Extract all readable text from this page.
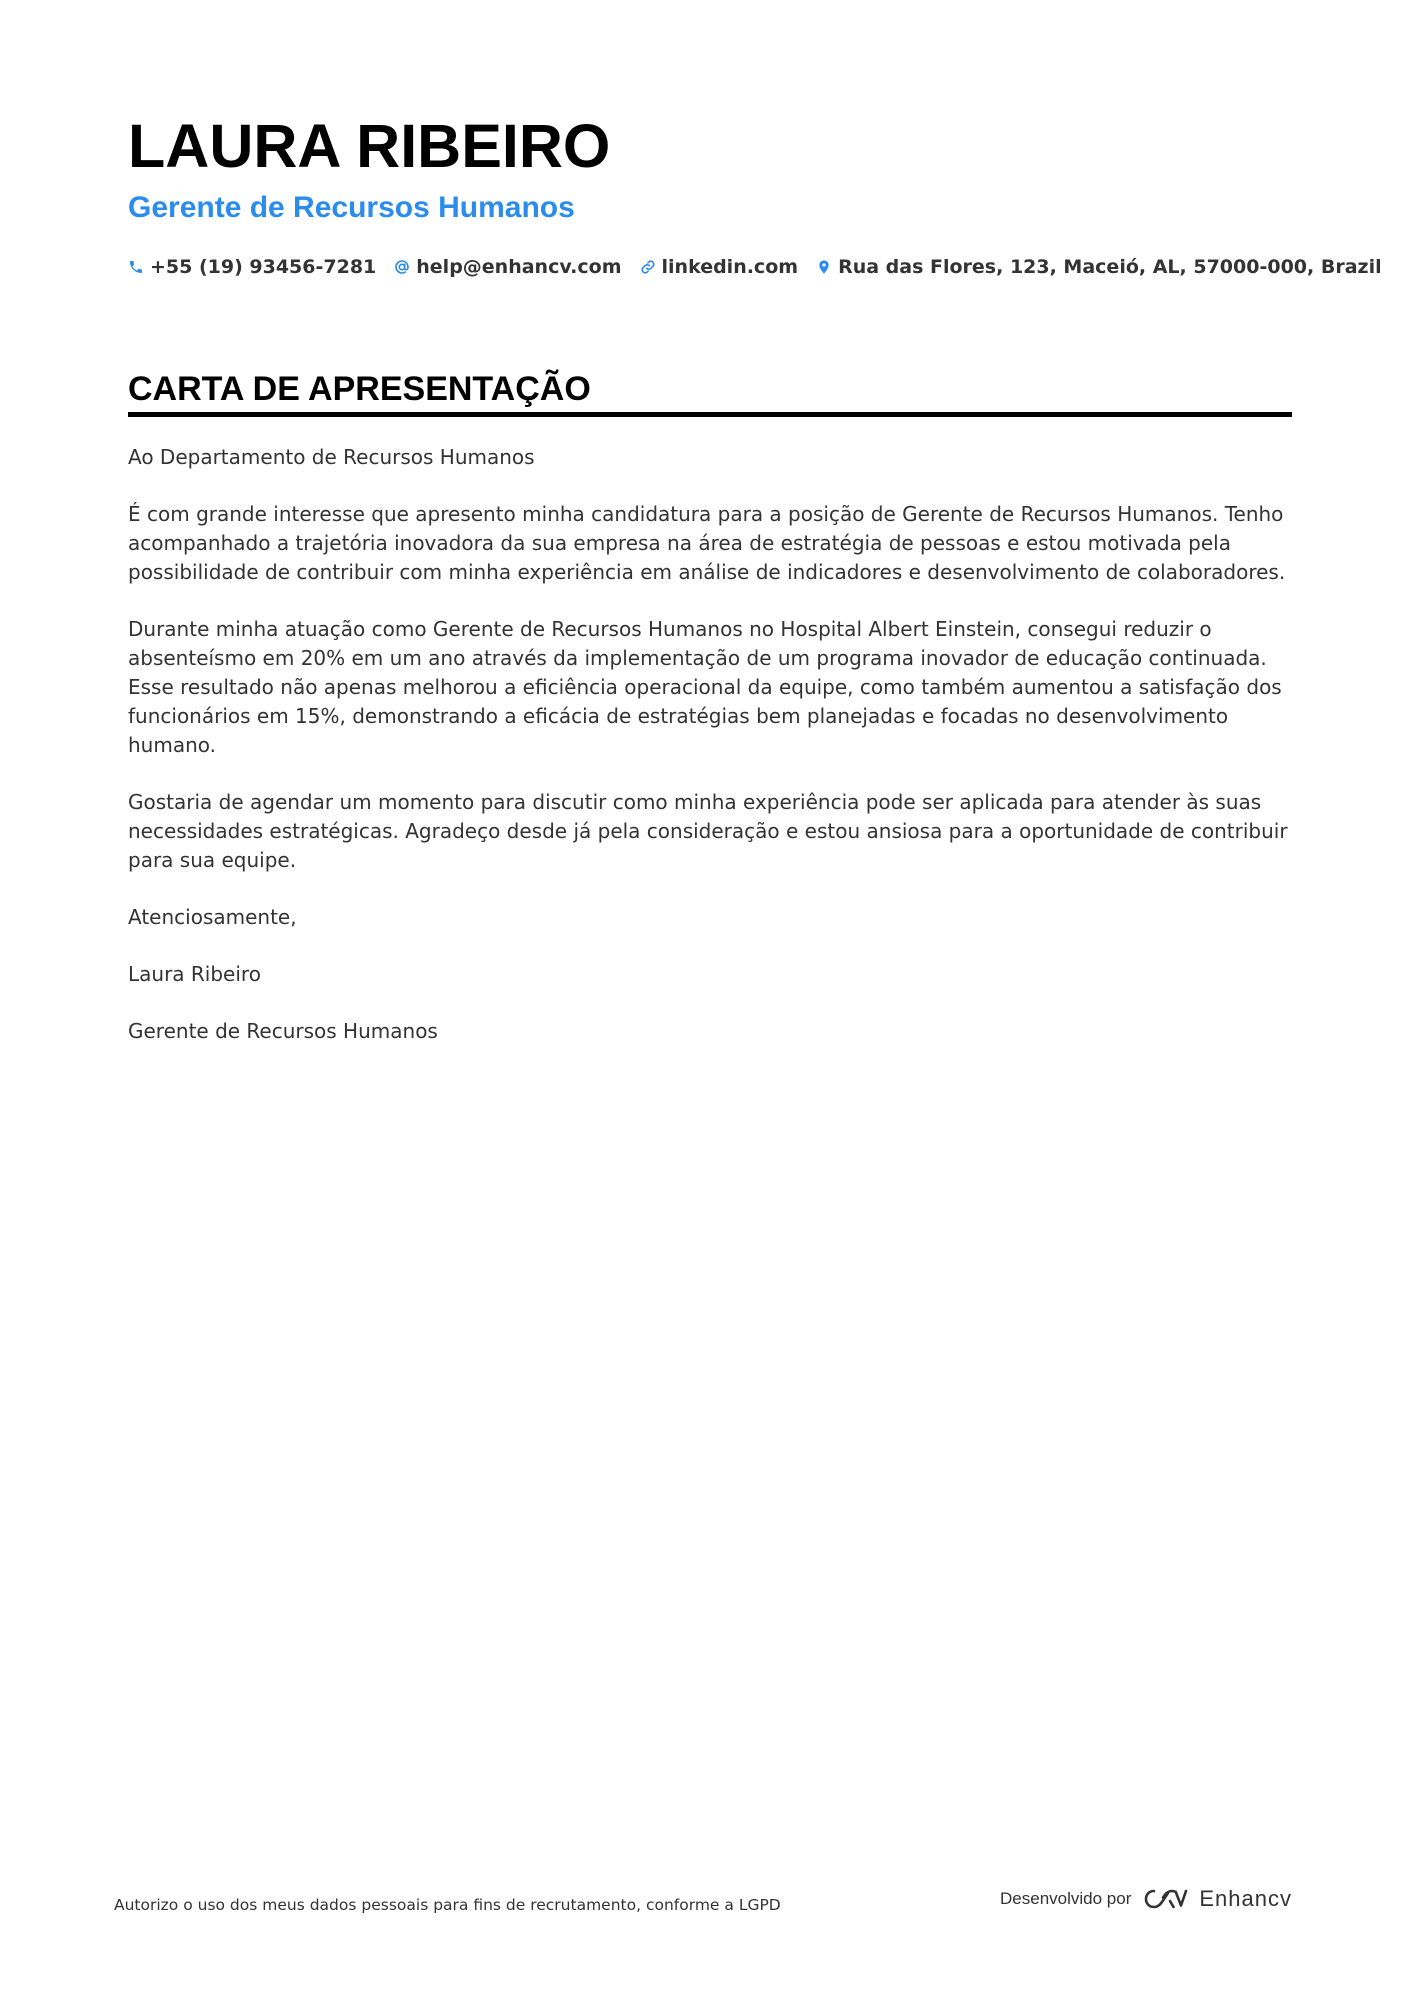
LAURA RIBEIRO
Gerente de Recursos Humanos
+55 (19) 93456-7281 help@enhancv.com linkedin.com Rua das Flores, 123, Maceió, AL, 57000-000, Brazil
CARTA DE APRESENTAÇÃO

Ao Departamento de Recursos Humanos

É com grande interesse que apresento minha candidatura para a posição de Gerente de Recursos Humanos. Tenho acompanhado a trajetória inovadora da sua empresa na área de estratégia de pessoas e estou motivada pela possibilidade de contribuir com minha experiência em análise de indicadores e desenvolvimento de colaboradores.

Durante minha atuação como Gerente de Recursos Humanos no Hospital Albert Einstein, consegui reduzir o absenteísmo em 20% em um ano através da implementação de um programa inovador de educação continuada. Esse resultado não apenas melhorou a eficiência operacional da equipe, como também aumentou a satisfação dos funcionários em 15%, demonstrando a eficácia de estratégias bem planejadas e focadas no desenvolvimento humano.

Gostaria de agendar um momento para discutir como minha experiência pode ser aplicada para atender às suas necessidades estratégicas. Agradeço desde já pela consideração e estou ansiosa para a oportunidade de contribuir para sua equipe.

Atenciosamente,

Laura Ribeiro

Gerente de Recursos Humanos

Autorizo o uso dos meus dados pessoais para fins de recrutamento, conforme a LGPD	Desenvolvido por	Enhancv
